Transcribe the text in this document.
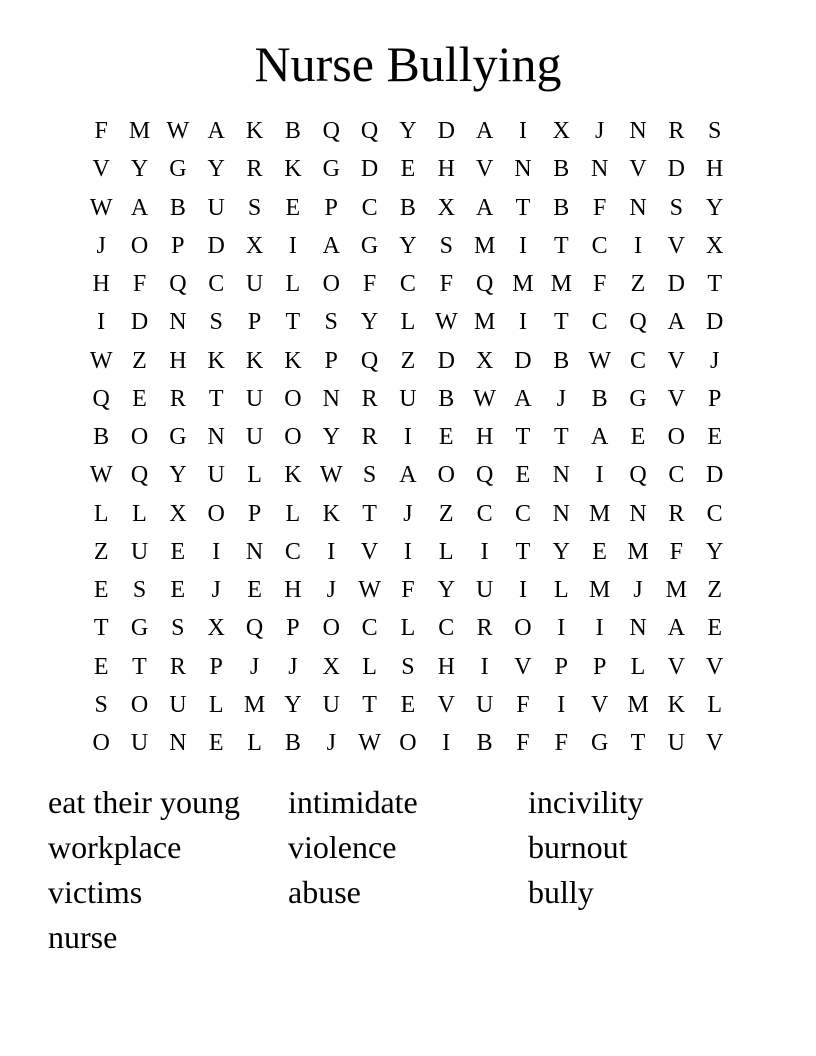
Nurse Bullying
F M W A K B Q Q Y D A	I	X	J	N R S
V Y G Y R K G D E H V N B N V D H
W A B U S	E	P C B X A T B F N S Y
J	O P D X	I	A G Y S M I	T C	I	V X
H F Q C U L O F C F Q M M F	Z D T
I	D N S	P	T	S Y L W M I	T C Q A D
W Z H K K K P Q Z D X D B W C V	J
Q E R T U O N R U B W A	J	B G V P
B O G N U O Y R	I	E H T T A E O E
W Q Y U L K W S A O Q E N	I	Q C D
L L X O P	L K T	J	Z C C N M N R C
Z U E	I	N C	I	V	I	L	I	T Y E M F Y
E	S	E	J	E H	J W F Y U	I	L M J M Z
T G S X Q P O C L C R O	I	I	N A E
E T R P	J	J	X L	S H	I	V P	P	L V V
S O U L M Y U T E V U F	I	V M K L
O U N E L B	J W O	I	B F	F G T U V
eat their young	intimidate	incivility
workplace	violence	burnout
victims	abuse	bully
nurse
